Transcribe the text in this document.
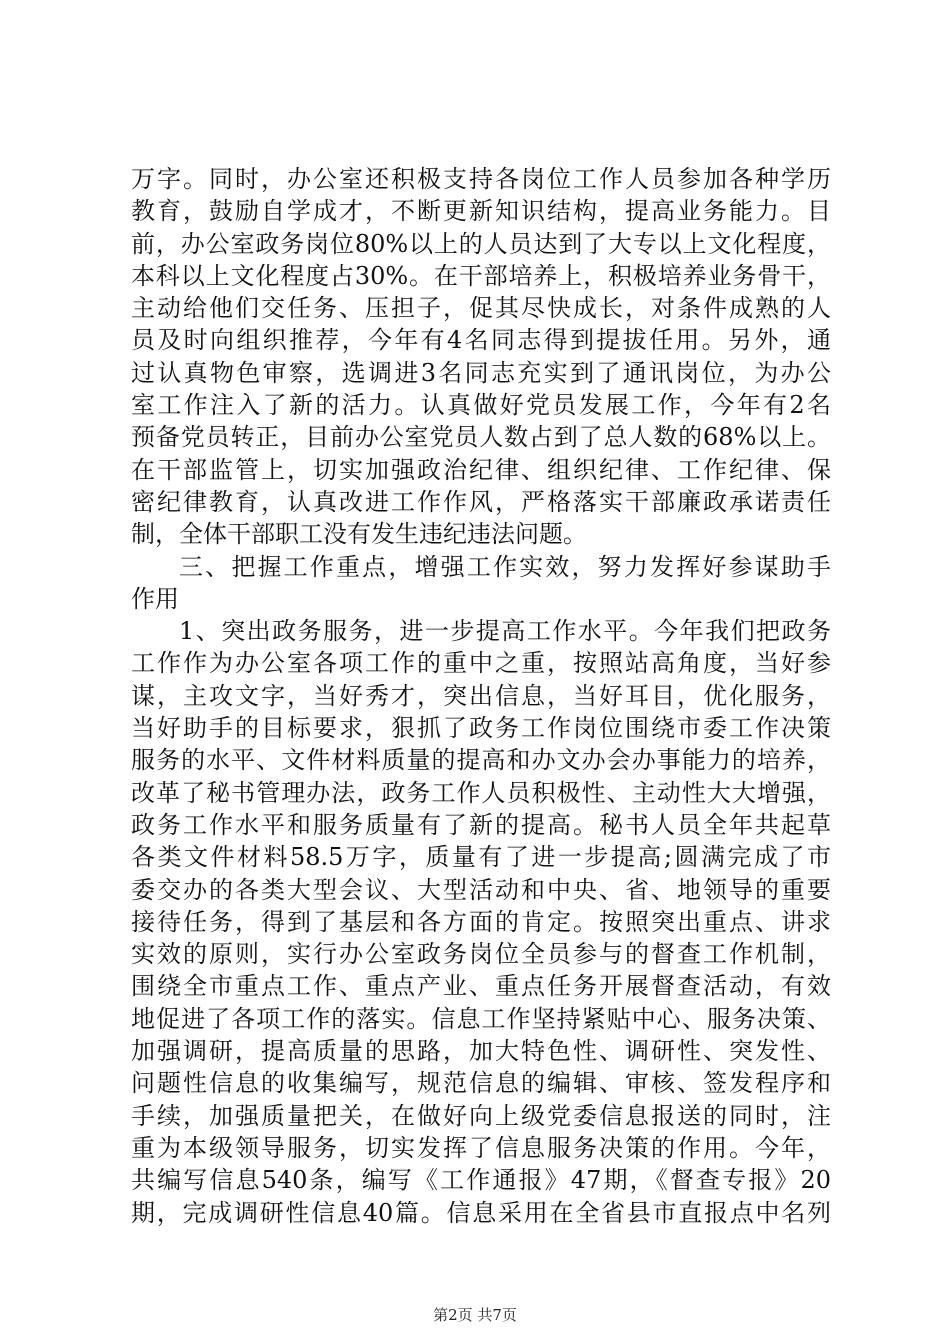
万字。同时，办公室还积极支持各岗位工作人员参加各种学历
教育，鼓励自学成才，不断更新知识结构，提高业务能力。目
前，办公室政务岗位80%以上的人员达到了大专以上文化程度，
本科以上文化程度占30%。在干部培养上，积极培养业务骨干，
主动给他们交任务、压担子，促其尽快成长，对条件成熟的人
员及时向组织推荐，今年有4名同志得到提拔任用。另外，通
过认真物色审察，选调进3名同志充实到了通讯岗位，为办公
室工作注入了新的活力。认真做好党员发展工作，今年有2名
预备党员转正，目前办公室党员人数占到了总人数的68%以上。
在干部监管上，切实加强政治纪律、组织纪律、工作纪律、保
密纪律教育，认真改进工作作风，严格落实干部廉政承诺责任
制，全体干部职工没有发生违纪违法问题。
三、把握工作重点，增强工作实效，努力发挥好参谋助手
作用
1、突出政务服务，进一步提高工作水平。今年我们把政务
工作作为办公室各项工作的重中之重，按照站高角度，当好参
谋，主攻文字，当好秀才，突出信息，当好耳目，优化服务，
当好助手的目标要求，狠抓了政务工作岗位围绕市委工作决策
服务的水平、文件材料质量的提高和办文办会办事能力的培养，
改革了秘书管理办法，政务工作人员积极性、主动性大大增强，
政务工作水平和服务质量有了新的提高。秘书人员全年共起草
各类文件材料58.5万字，质量有了进一步提高;圆满完成了市
委交办的各类大型会议、大型活动和中央、省、地领导的重要
接待任务，得到了基层和各方面的肯定。按照突出重点、讲求
实效的原则，实行办公室政务岗位全员参与的督查工作机制，
围绕全市重点工作、重点产业、重点任务开展督查活动，有效
地促进了各项工作的落实。信息工作坚持紧贴中心、服务决策、
加强调研，提高质量的思路，加大特色性、调研性、突发性、
问题性信息的收集编写，规范信息的编辑、审核、签发程序和
手续，加强质量把关，在做好向上级党委信息报送的同时，注
重为本级领导服务，切实发挥了信息服务决策的作用。今年，
共编写信息540条，编写《工作通报》47期，《督查专报》20
期，完成调研性信息40篇。信息采用在全省县市直报点中名列
第2页 共7页
